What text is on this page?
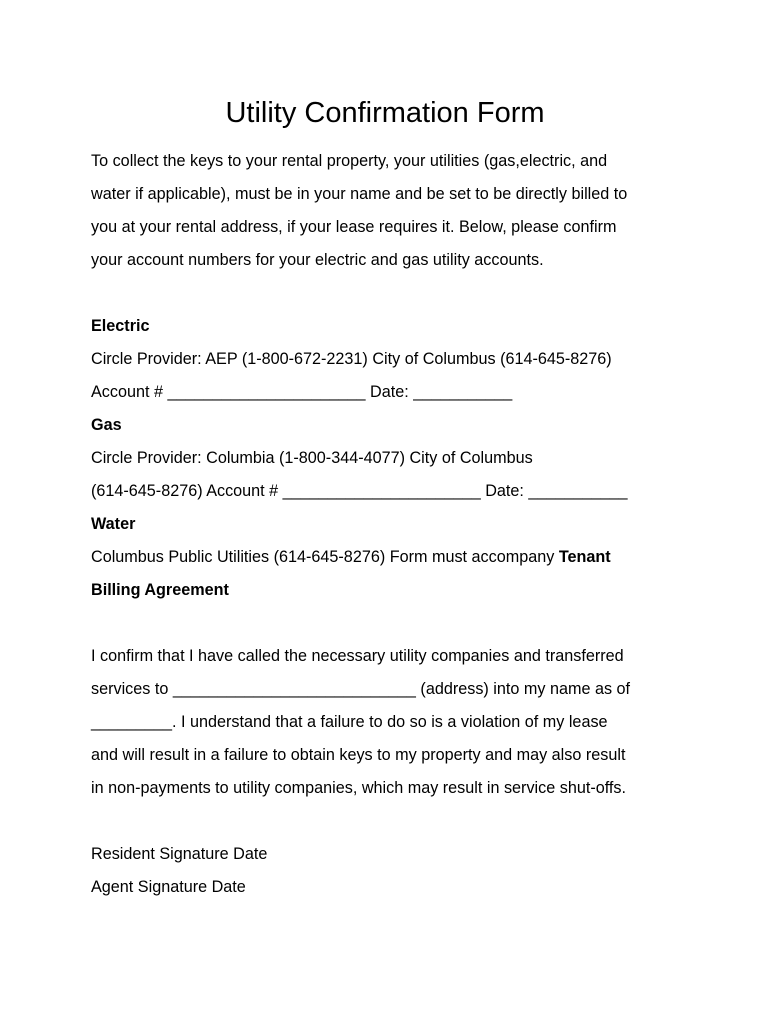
Utility Confirmation Form
To collect the keys to your rental property, your utilities (gas,electric, and
water if applicable), must be in your name and be set to be directly billed to
you at your rental address, if your lease requires it. Below, please confirm
your account numbers for your electric and gas utility accounts.
Electric
Circle Provider: AEP (1-800-672-2231) City of Columbus (614-645-8276)
Account # ______________________ Date: ___________
Gas
Circle Provider: Columbia (1-800-344-4077) City of Columbus
(614-645-8276) Account # ______________________ Date: ___________
Water
Columbus Public Utilities (614-645-8276) Form must accompany Tenant
Billing Agreement
I confirm that I have called the necessary utility companies and transferred
services to ___________________________ (address) into my name as of
_________. I understand that a failure to do so is a violation of my lease
and will result in a failure to obtain keys to my property and may also result
in non-payments to utility companies, which may result in service shut-offs.
Resident Signature Date
Agent Signature Date
